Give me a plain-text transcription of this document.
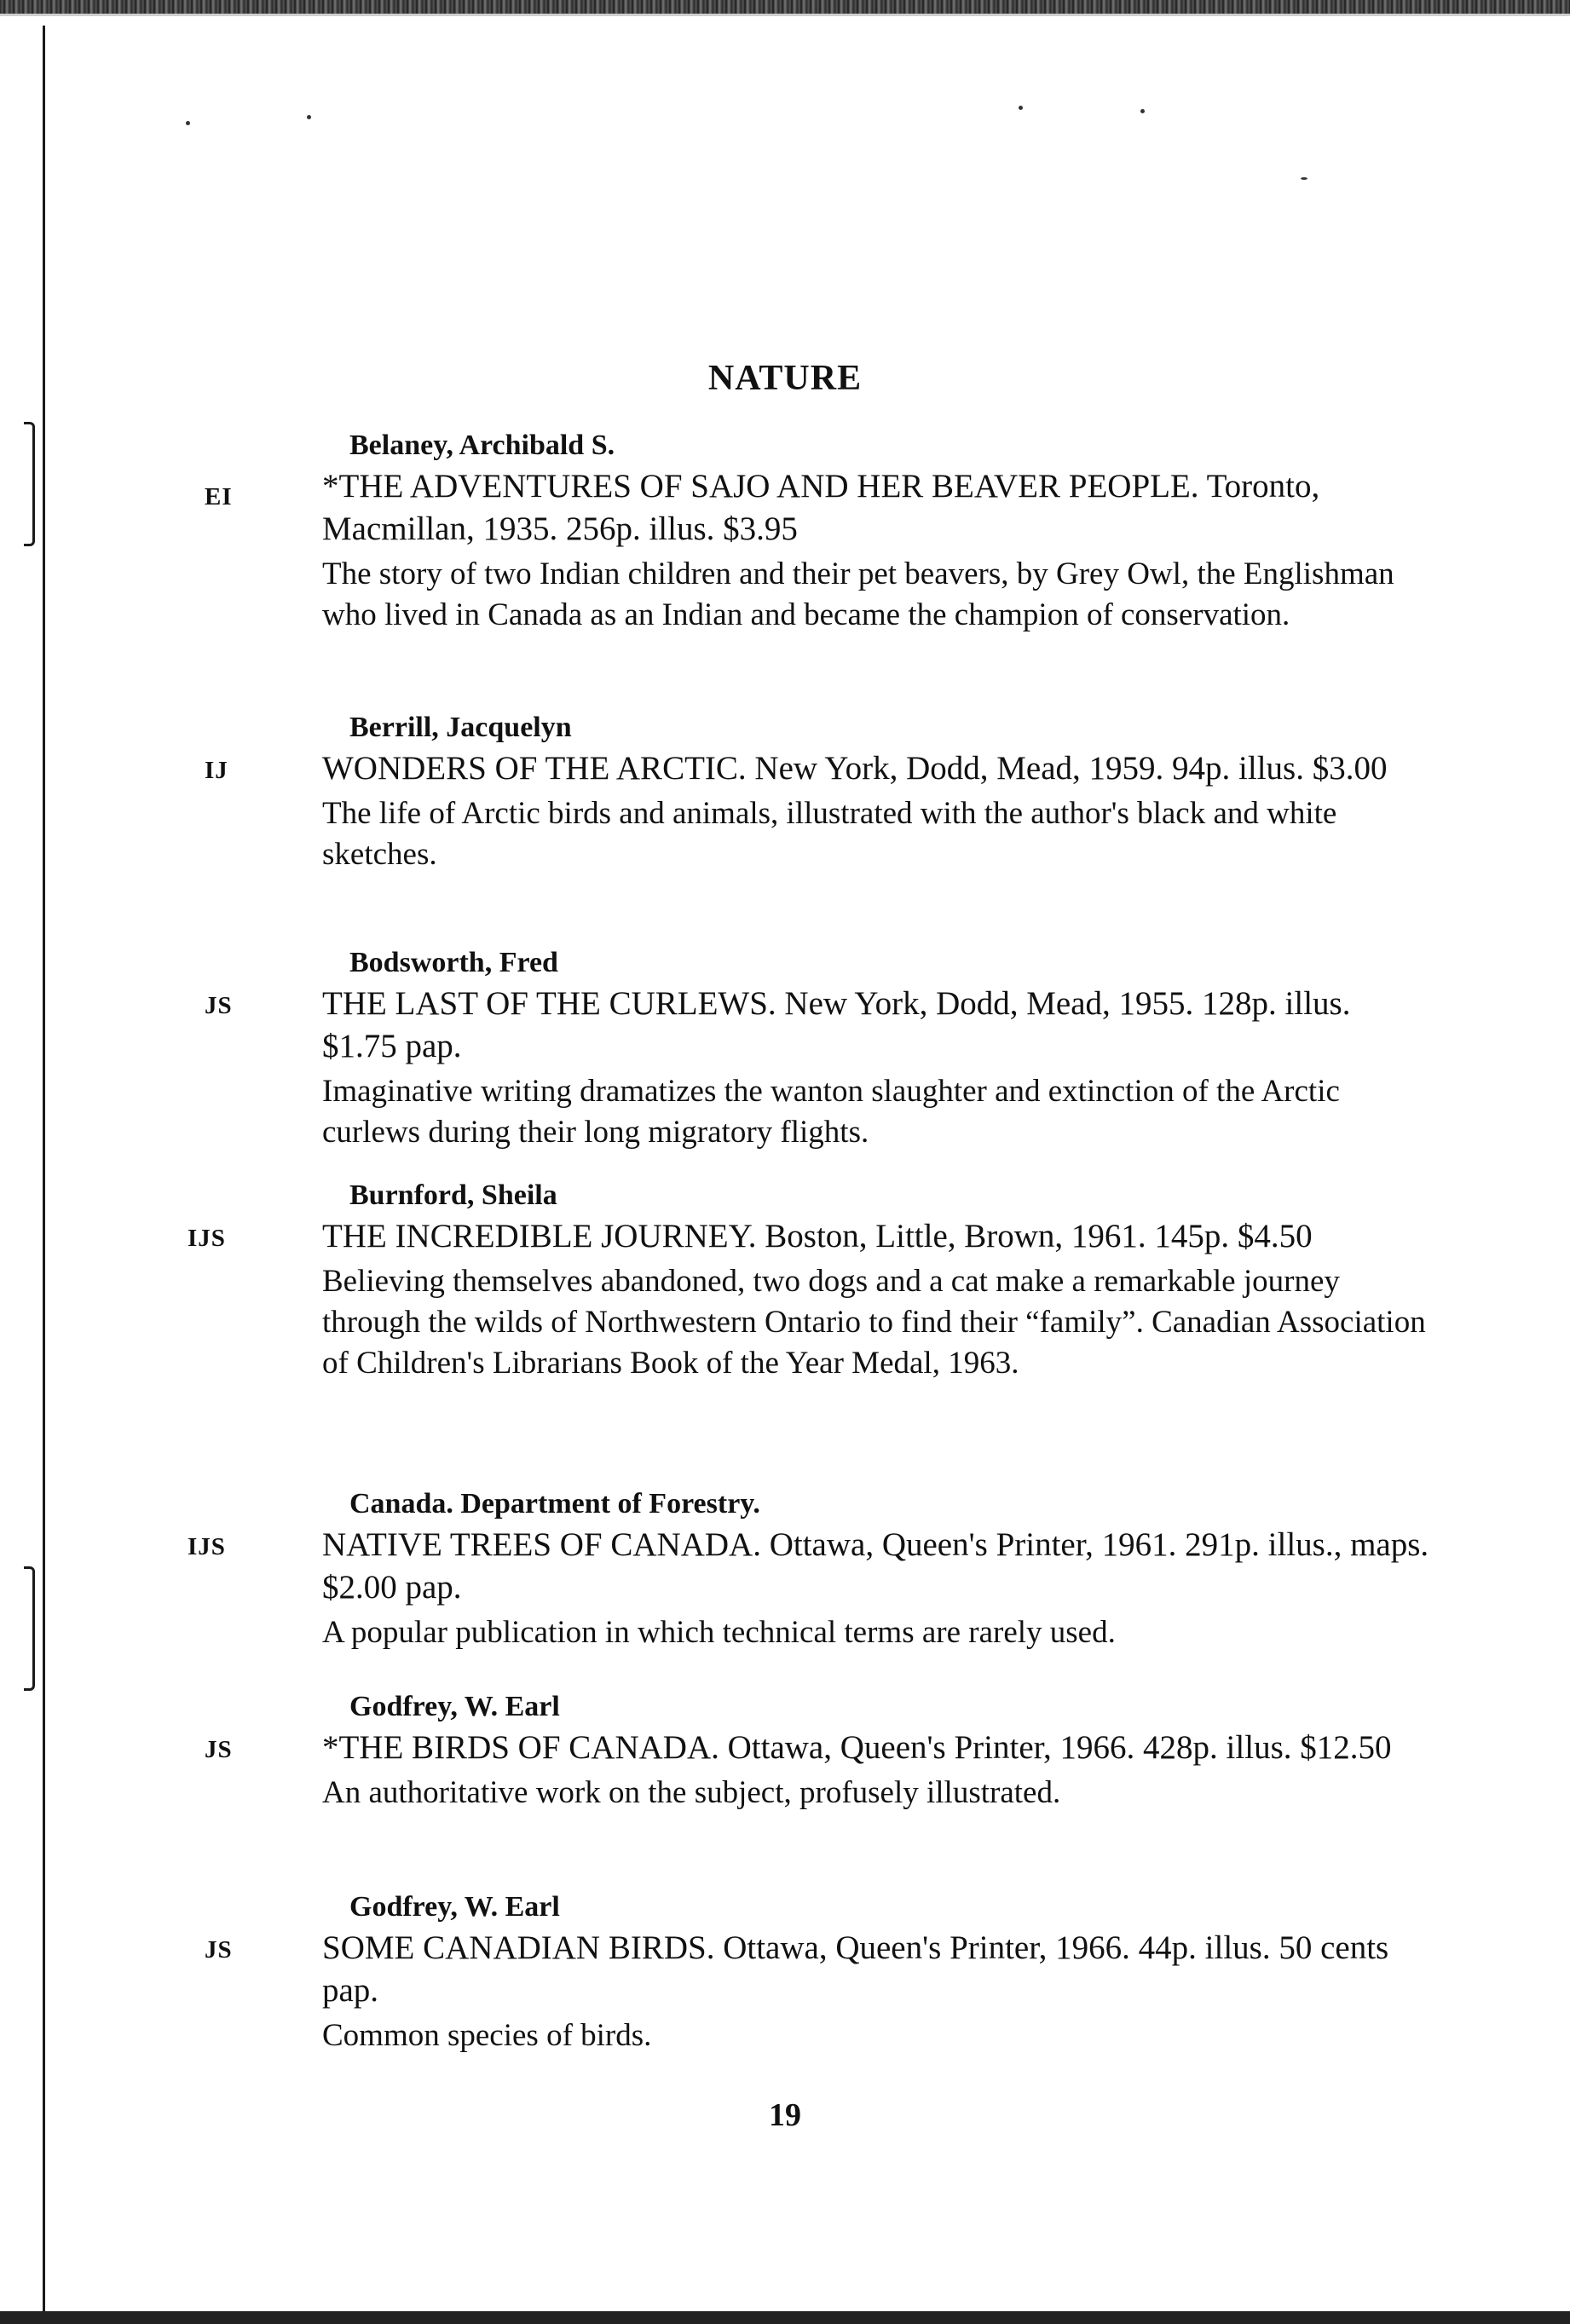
NATURE
Belaney, Archibald S.
EI	*THE ADVENTURES OF SAJO AND HER BEAVER PEOPLE. Toronto, Macmillan, 1935. 256p. illus. $3.95
The story of two Indian children and their pet beavers, by Grey Owl, the Englishman who lived in Canada as an Indian and became the champion of conservation.
Berrill, Jacquelyn
IJ	WONDERS OF THE ARCTIC. New York, Dodd, Mead, 1959. 94p. illus. $3.00
The life of Arctic birds and animals, illustrated with the author's black and white sketches.
Bodsworth, Fred
JS	THE LAST OF THE CURLEWS. New York, Dodd, Mead, 1955. 128p. illus. $1.75 pap.
Imaginative writing dramatizes the wanton slaughter and extinction of the Arctic curlews during their long migratory flights.
Burnford, Sheila
IJS	THE INCREDIBLE JOURNEY. Boston, Little, Brown, 1961. 145p. $4.50
Believing themselves abandoned, two dogs and a cat make a remarkable journey through the wilds of Northwestern Ontario to find their “family”. Canadian Association of Children's Librarians Book of the Year Medal, 1963.
Canada. Department of Forestry.
IJS	NATIVE TREES OF CANADA. Ottawa, Queen's Printer, 1961. 291p. illus., maps. $2.00 pap.
A popular publication in which technical terms are rarely used.
Godfrey, W. Earl
JS	*THE BIRDS OF CANADA. Ottawa, Queen's Printer, 1966. 428p. illus. $12.50
An authoritative work on the subject, profusely illustrated.
Godfrey, W. Earl
JS	SOME CANADIAN BIRDS. Ottawa, Queen's Printer, 1966. 44p. illus. 50 cents pap.
Common species of birds.
19
